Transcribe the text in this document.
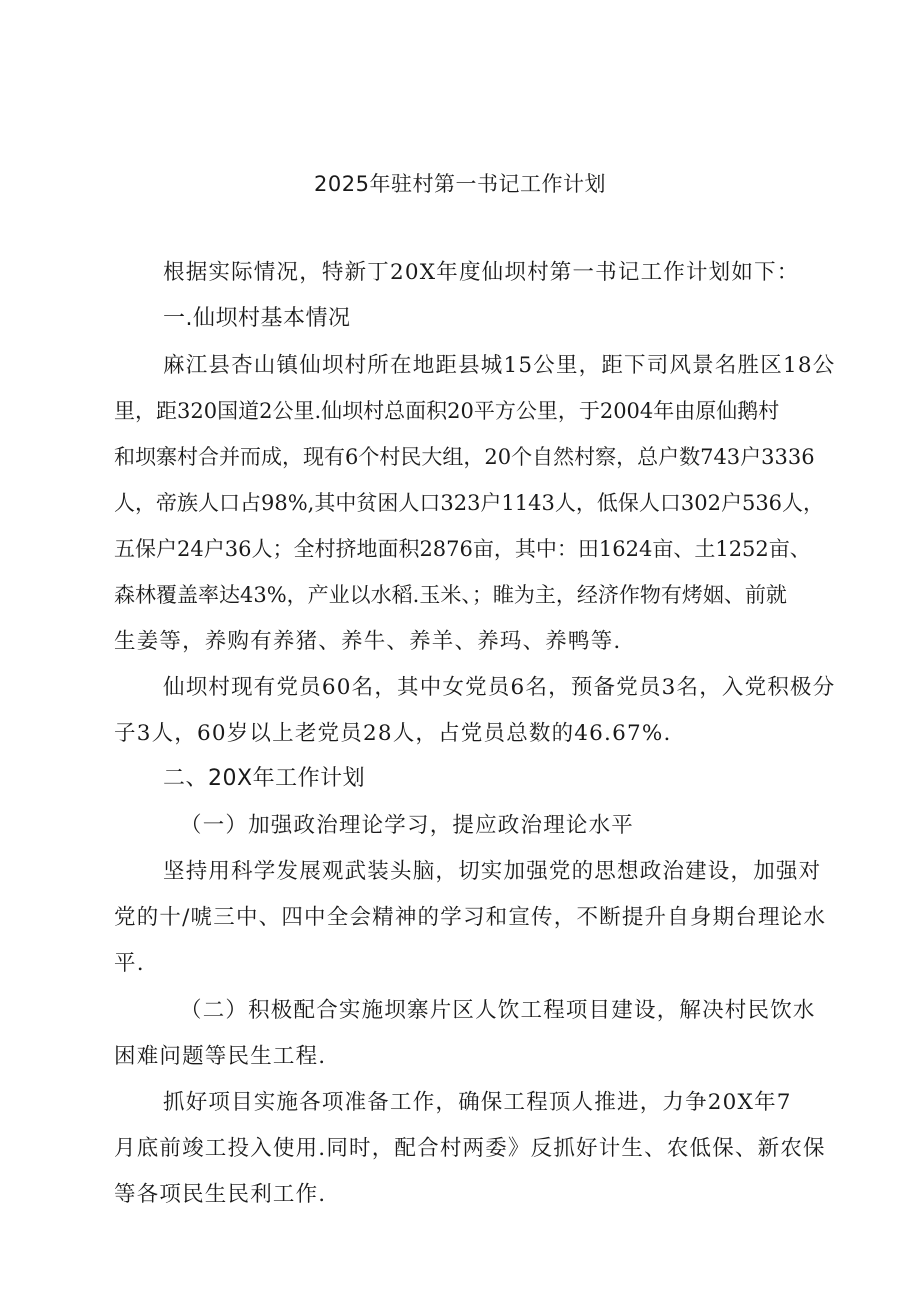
2025年驻村第一书记工作计划
根据实际情况，特新丁20X年度仙坝村第一书记工作计划如下：
一.仙坝村基本情况
麻江县杏山镇仙坝村所在地距县城15公里，距下司风景名胜区18公
里，距320国道2公里.仙坝村总面积20平方公里，于2004年由原仙鹅村
和坝寨村合并而成，现有6个村民大组，20个自然村察，总户数743户3336
人，帝族人口占98%,其中贫困人口323户1143人，低保人口302户536人，
五保户24户36人；全村挤地面积2876亩，其中：田1624亩、土1252亩、
森林覆盖率达43%，产业以水稻.玉米、；睢为主，经济作物有烤姻、前就
生姜等，养购有养猪、养牛、养羊、养玛、养鸭等.
仙坝村现有党员60名，其中女党员6名，预备党员3名，入党积极分
子3人，60岁以上老党员28人，占党员总数的46.67%.
二、20X年工作计划
（一）加强政治理论学习，提应政治理论水平
坚持用科学发展观武装头脑，切实加强党的思想政治建设，加强对
党的十/唬三中、四中全会精神的学习和宣传，不断提升自身期台理论水
平.
（二）积极配合实施坝寨片区人饮工程项目建设，解决村民饮水
困难问题等民生工程.
抓好项目实施各项准备工作，确保工程顶人推进，力争20X年7
月底前竣工投入使用.同时，配合村两委》反抓好计生、农低保、新农保
等各项民生民利工作.
